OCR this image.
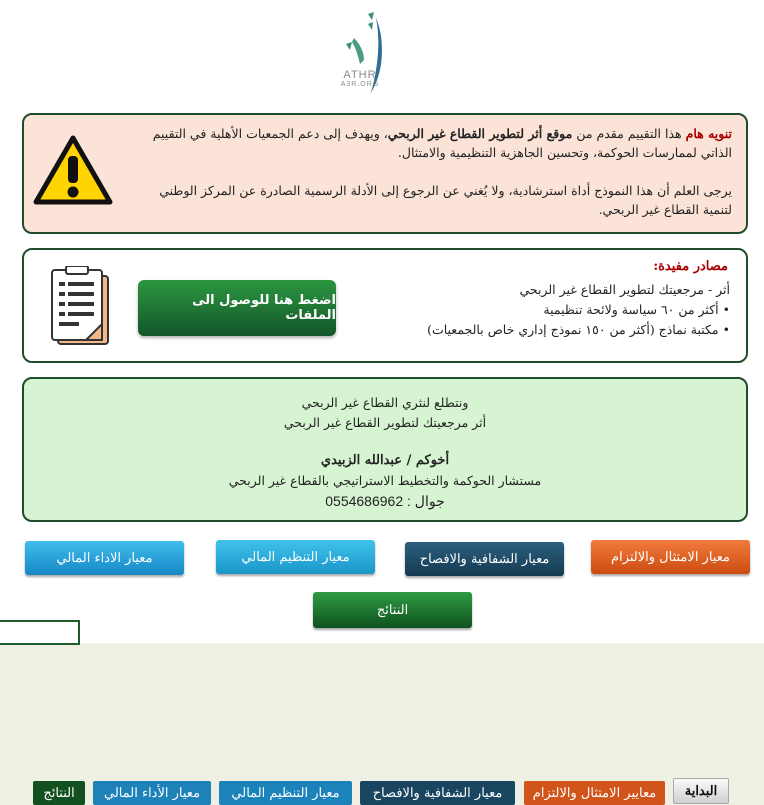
ATHR
A3R.ORG

تنويه هام هذا التقييم مقدم من موقع أثر لتطوير القطاع غير الربحي، ويهدف إلى دعم الجمعيات الأهلية في التقييم الذاتي لممارسات الحوكمة، وتحسين الجاهزية التنظيمية والامتثال.

يرجى العلم أن هذا النموذج أداة استرشادية، ولا يُغني عن الرجوع إلى الأدلة الرسمية الصادرة عن المركز الوطني لتنمية القطاع غير الربحي.

مصادر مفيدة:
أثر - مرجعيتك لتطوير القطاع غير الربحي
• أكثر من ٦٠ سياسة ولائحة تنظيمية
• مكتبة نماذج (أكثر من ١٥٠ نموذج إداري خاص بالجمعيات)
اضغط هنا للوصول الى الملفات
ونتطلع لنثري القطاع غير الربحي
أثر مرجعيتك لتطوير القطاع غير الربحي
أخوكم / عبدالله الزبيدي
مستشار الحوكمة والتخطيط الاستراتيجي بالقطاع غير الربحي
جوال : 0554686962
معيار الامتثال والالتزام
معيار الشفافية والافصاح
معيار التنظيم المالي
معيار الاداء المالي
النتائج
البداية
معايير الامتثال والالتزام
معيار الشفافية والافصاح
معيار التنظيم المالي
معيار الأداء المالي
النتائج
